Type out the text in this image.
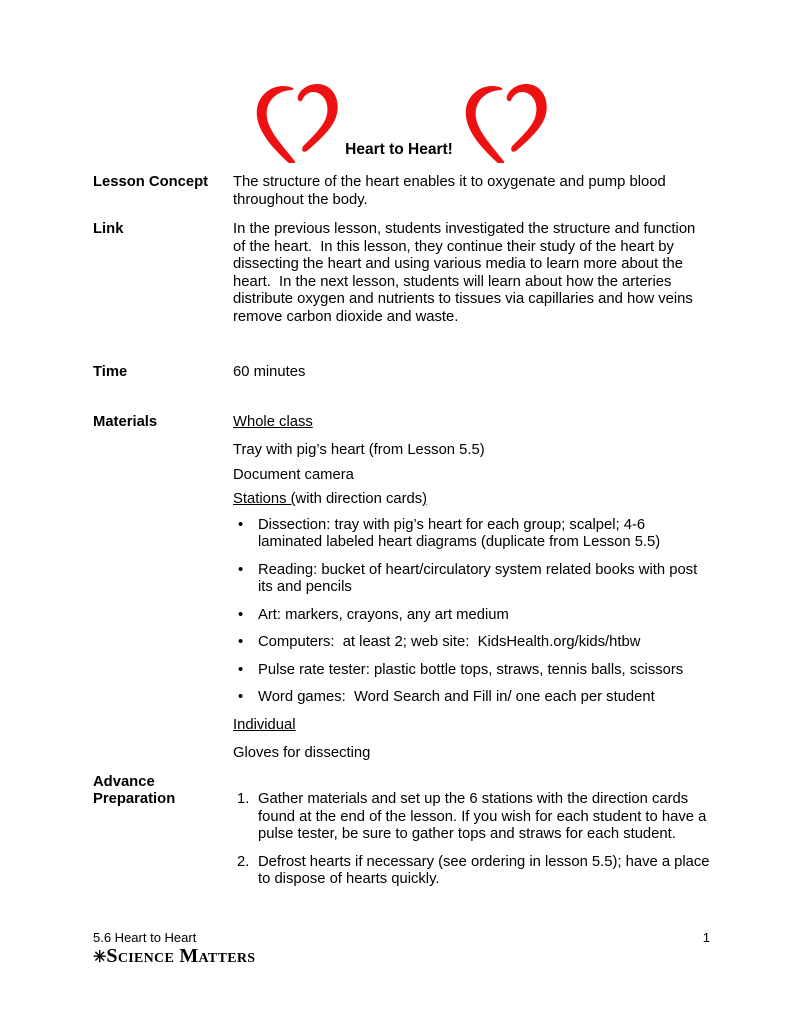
Heart to Heart!
Lesson Concept	The structure of the heart enables it to oxygenate and pump blood throughout the body.

Link	In the previous lesson, students investigated the structure and function of the heart.  In this lesson, they continue their study of the heart by dissecting the heart and using various media to learn more about the heart.  In the next lesson, students will learn about how the arteries distribute oxygen and nutrients to tissues via capillaries and how veins remove carbon dioxide and waste.

Time	60 minutes

Materials	Whole class

Tray with pig’s heart (from Lesson 5.5)

Document camera

Stations (with direction cards)

• Dissection: tray with pig’s heart for each group; scalpel; 4-6 laminated labeled heart diagrams (duplicate from Lesson 5.5)
• Reading: bucket of heart/circulatory system related books with post its and pencils
• Art: markers, crayons, any art medium
• Computers:  at least 2; web site:  KidsHealth.org/kids/htbw
• Pulse rate tester: plastic bottle tops, straws, tennis balls, scissors
• Word games:  Word Search and Fill in/ one each per student

Individual

Gloves for dissecting

Advance
Preparation	1. Gather materials and set up the 6 stations with the direction cards found at the end of the lesson. If you wish for each student to have a pulse tester, be sure to gather tops and straws for each student.
2. Defrost hearts if necessary (see ordering in lesson 5.5); have a place to dispose of hearts quickly.
5.6 Heart to Heart
✳Science Matters
1
